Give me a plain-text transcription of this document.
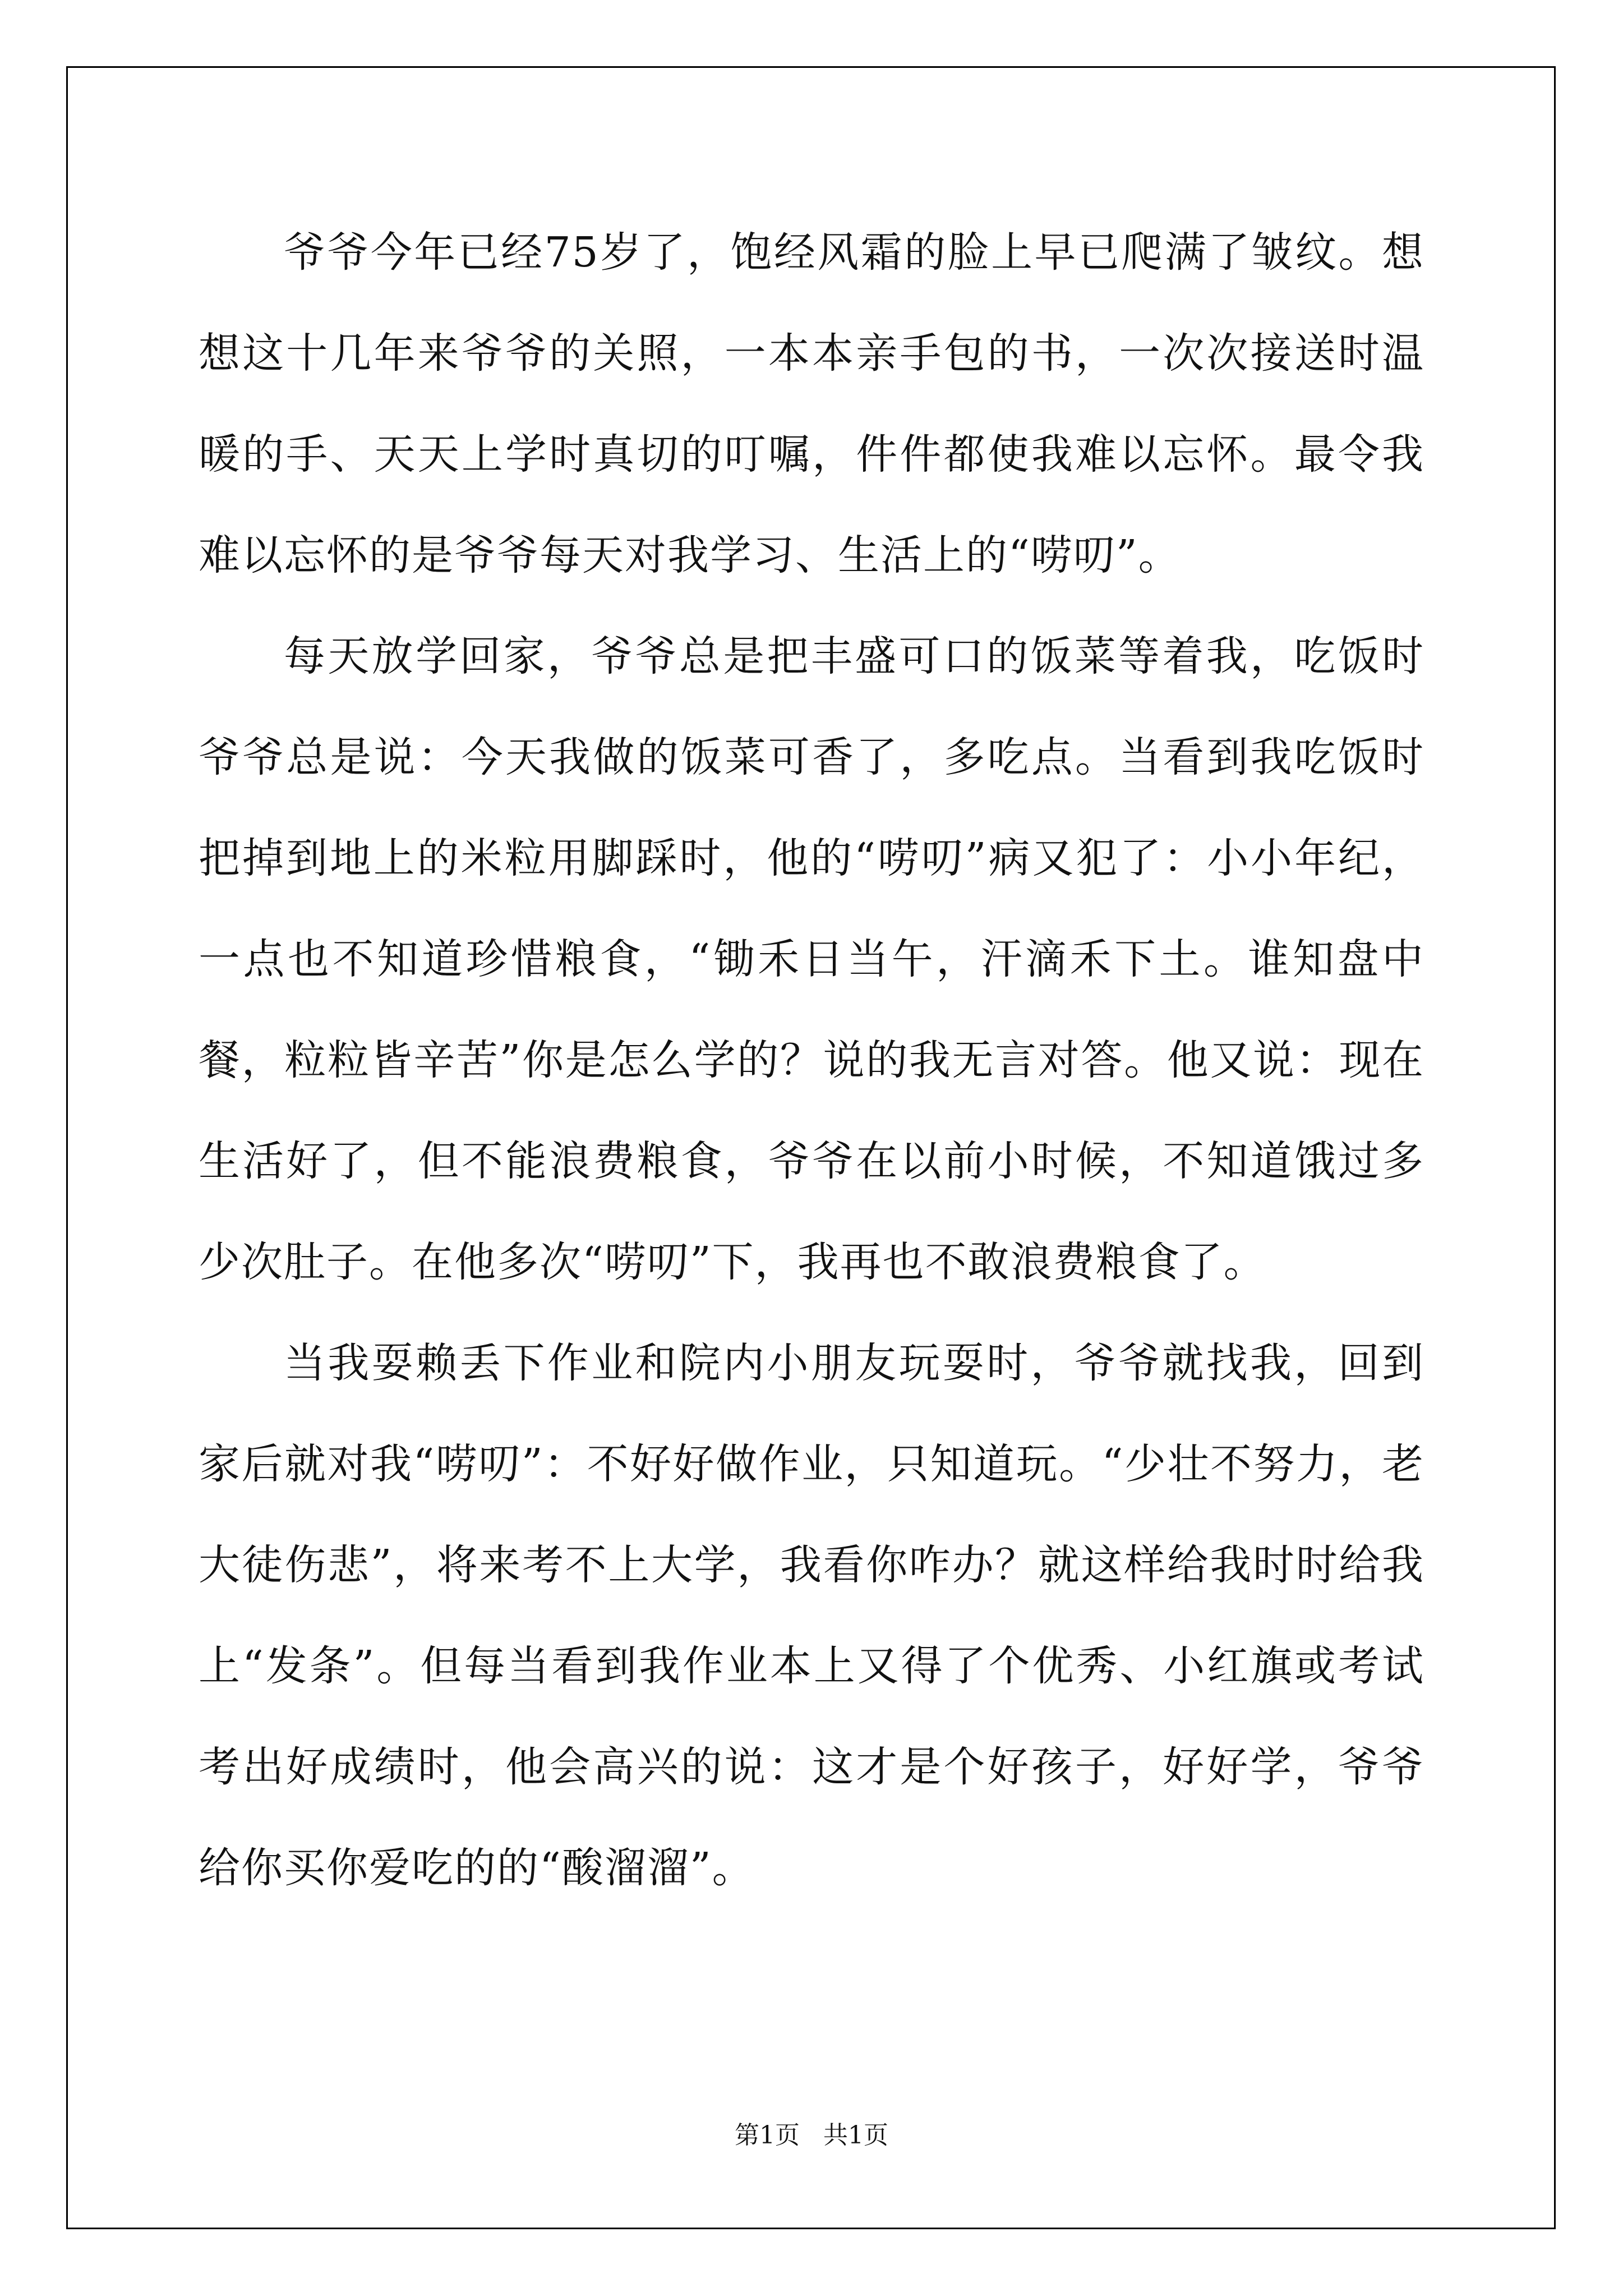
爷爷今年已经75岁了，饱经风霜的脸上早已爬满了皱纹。想想这十几年来爷爷的关照，一本本亲手包的书，一次次接送时温暖的手、天天上学时真切的叮嘱，件件都使我难以忘怀。最令我难以忘怀的是爷爷每天对我学习、生活上的“唠叨”。

每天放学回家，爷爷总是把丰盛可口的饭菜等着我，吃饭时爷爷总是说：今天我做的饭菜可香了，多吃点。当看到我吃饭时把掉到地上的米粒用脚踩时，他的“唠叨”病又犯了：小小年纪，一点也不知道珍惜粮食，“锄禾日当午，汗滴禾下土。谁知盘中餐，粒粒皆辛苦”你是怎么学的？说的我无言对答。他又说：现在生活好了，但不能浪费粮食，爷爷在以前小时候，不知道饿过多少次肚子。在他多次“唠叨”下，我再也不敢浪费粮食了。

当我耍赖丢下作业和院内小朋友玩耍时，爷爷就找我，回到家后就对我“唠叨”：不好好做作业，只知道玩。“少壮不努力，老大徒伤悲”，将来考不上大学，我看你咋办？就这样给我时时给我上“发条”。但每当看到我作业本上又得了个优秀、小红旗或考试考出好成绩时，他会高兴的说：这才是个好孩子，好好学，爷爷给你买你爱吃的的“酸溜溜”。

第1页   共1页
